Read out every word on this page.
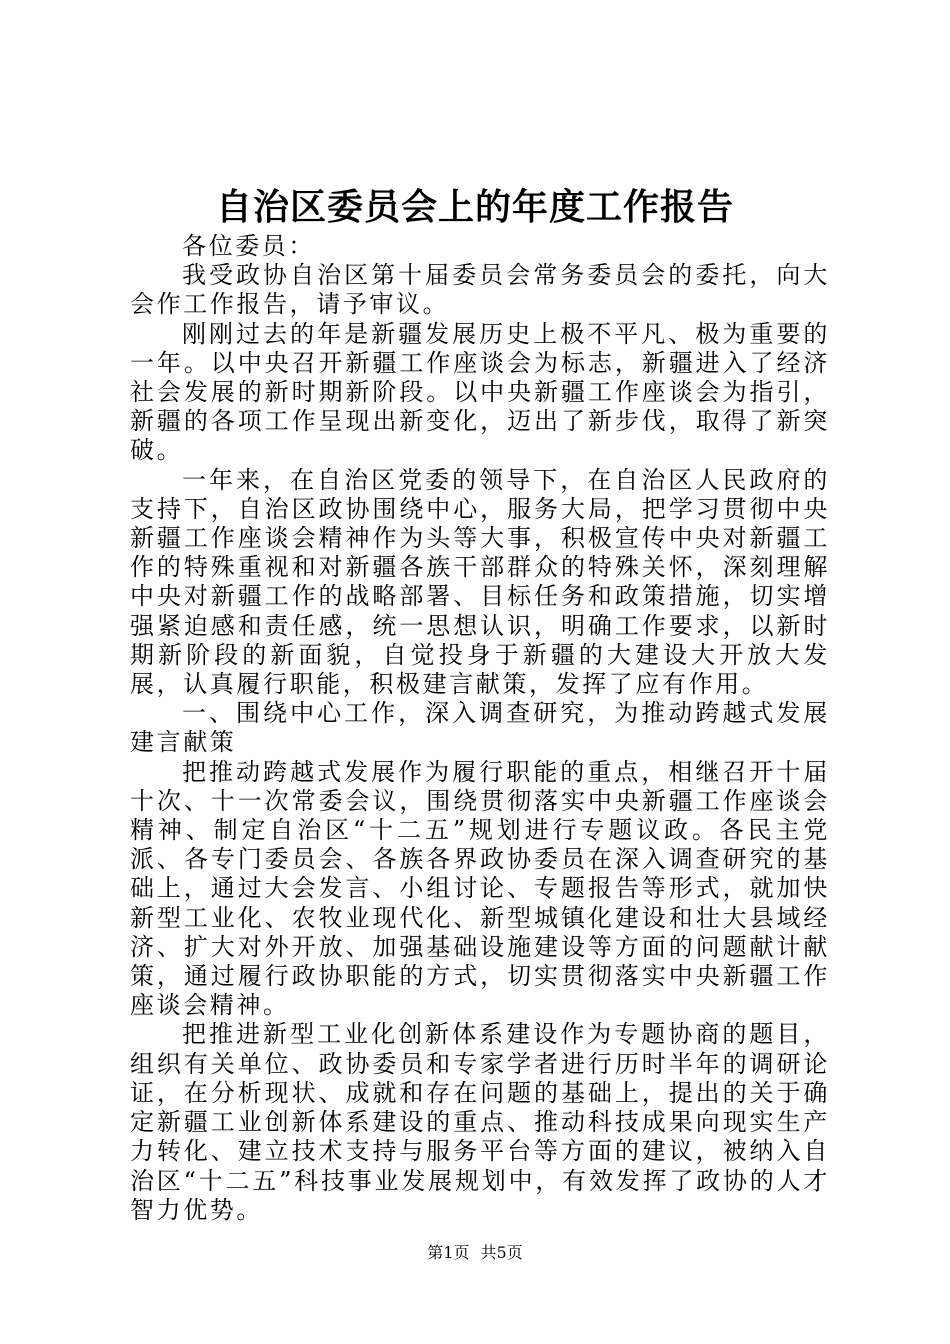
自治区委员会上的年度工作报告

各位委员：

我受政协自治区第十届委员会常务委员会的委托，向大会作工作报告，请予审议。

刚刚过去的年是新疆发展历史上极不平凡、极为重要的一年。以中央召开新疆工作座谈会为标志，新疆进入了经济社会发展的新时期新阶段。以中央新疆工作座谈会为指引，新疆的各项工作呈现出新变化，迈出了新步伐，取得了新突破。

一年来，在自治区党委的领导下，在自治区人民政府的支持下，自治区政协围绕中心，服务大局，把学习贯彻中央新疆工作座谈会精神作为头等大事，积极宣传中央对新疆工作的特殊重视和对新疆各族干部群众的特殊关怀，深刻理解中央对新疆工作的战略部署、目标任务和政策措施，切实增强紧迫感和责任感，统一思想认识，明确工作要求，以新时期新阶段的新面貌，自觉投身于新疆的大建设大开放大发展，认真履行职能，积极建言献策，发挥了应有作用。

一、围绕中心工作，深入调查研究，为推动跨越式发展建言献策

把推动跨越式发展作为履行职能的重点，相继召开十届十次、十一次常委会议，围绕贯彻落实中央新疆工作座谈会精神、制定自治区“十二五”规划进行专题议政。各民主党派、各专门委员会、各族各界政协委员在深入调查研究的基础上，通过大会发言、小组讨论、专题报告等形式，就加快新型工业化、农牧业现代化、新型城镇化建设和壮大县域经济、扩大对外开放、加强基础设施建设等方面的问题献计献策，通过履行政协职能的方式，切实贯彻落实中央新疆工作座谈会精神。

把推进新型工业化创新体系建设作为专题协商的题目，组织有关单位、政协委员和专家学者进行历时半年的调研论证，在分析现状、成就和存在问题的基础上，提出的关于确定新疆工业创新体系建设的重点、推动科技成果向现实生产力转化、建立技术支持与服务平台等方面的建议，被纳入自治区“十二五”科技事业发展规划中，有效发挥了政协的人才智力优势。

第1页 共5页
